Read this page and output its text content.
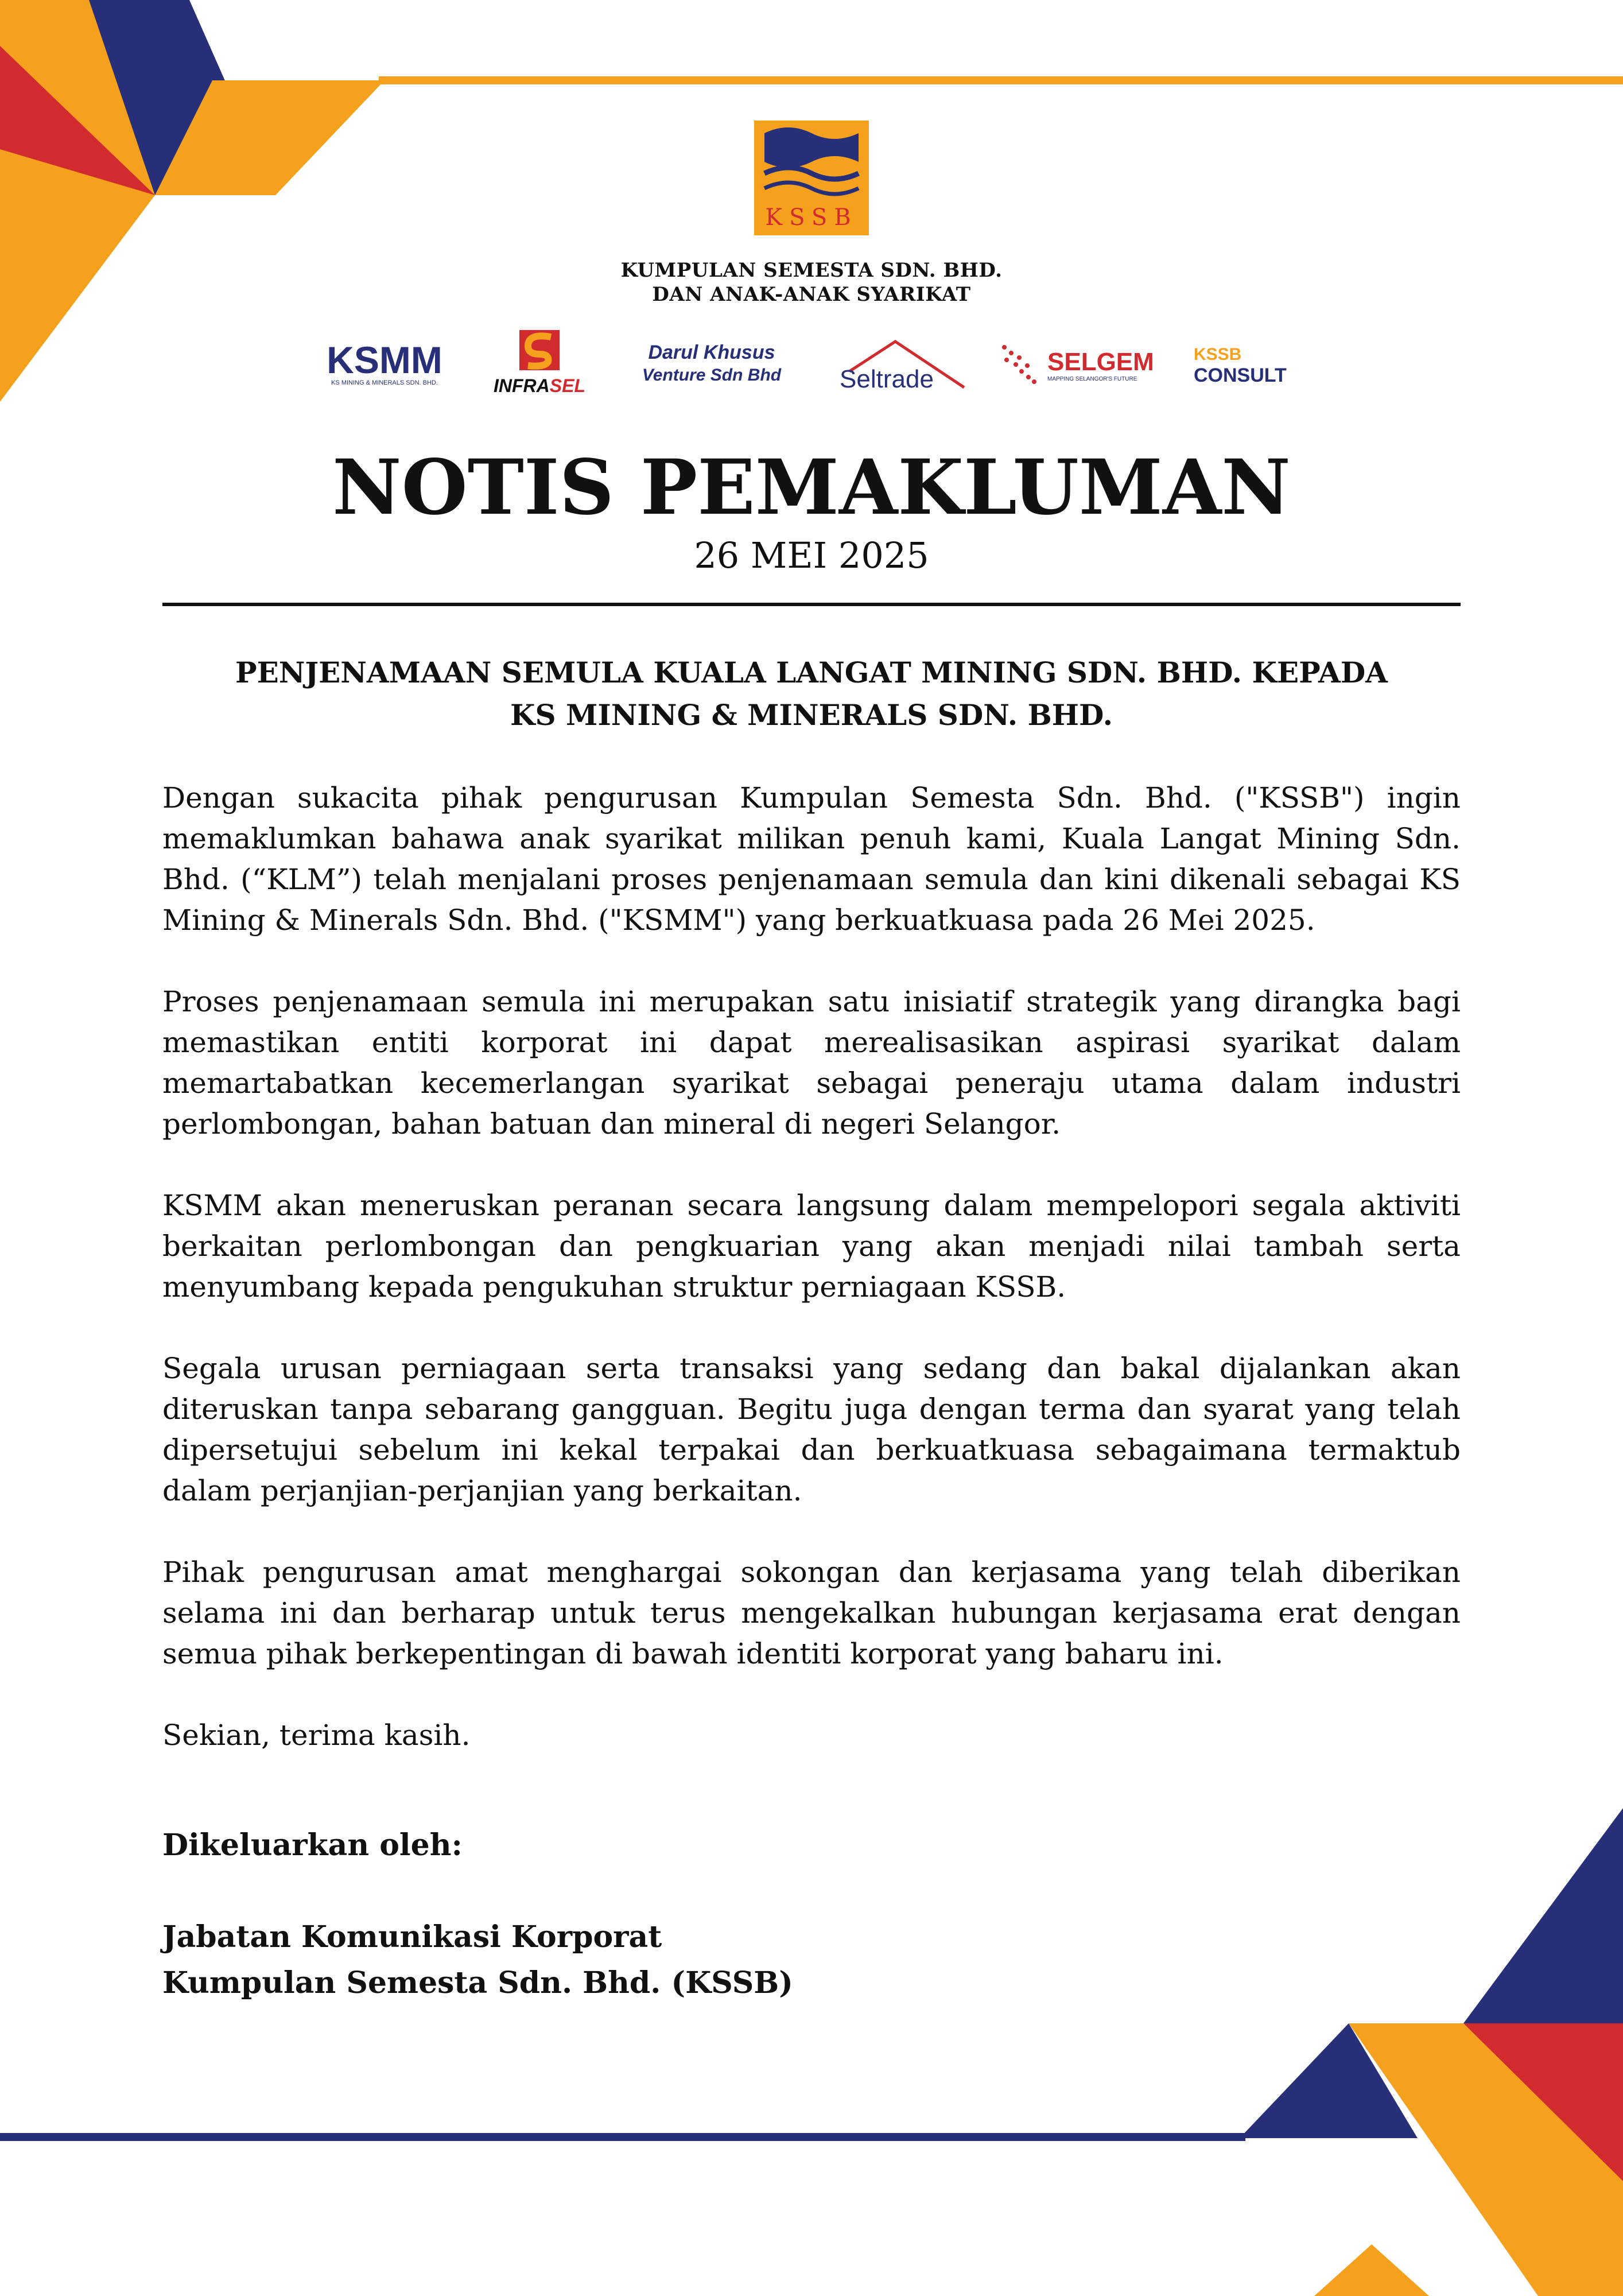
KSSB
KUMPULAN SEMESTA SDN. BHD.
DAN ANAK-ANAK SYARIKAT
KSMM
KS MINING & MINERALS SDN. BHD.	INFRASEL
Darul Khusus
Venture Sdn Bhd Seltrade
SELGEM
MAPPING SELANGOR'S FUTURE
KSSB
CONSULT
NOTIS PEMAKLUMAN
26 MEI 2025
PENJENAMAAN SEMULA KUALA LANGAT MINING SDN. BHD. KEPADA
KS MINING & MINERALS SDN. BHD.

Dengan sukacita pihak pengurusan Kumpulan Semesta Sdn. Bhd. ("KSSB") ingin memaklumkan bahawa anak syarikat milikan penuh kami, Kuala Langat Mining Sdn. Bhd. (“KLM”) telah menjalani proses penjenamaan semula dan kini dikenali sebagai KS Mining & Minerals Sdn. Bhd. ("KSMM") yang berkuatkuasa pada 26 Mei 2025.

Proses penjenamaan semula ini merupakan satu inisiatif strategik yang dirangka bagi memastikan entiti korporat ini dapat merealisasikan aspirasi syarikat dalam memartabatkan kecemerlangan syarikat sebagai peneraju utama dalam industri perlombongan, bahan batuan dan mineral di negeri Selangor.

KSMM akan meneruskan peranan secara langsung dalam mempelopori segala aktiviti berkaitan perlombongan dan pengkuarian yang akan menjadi nilai tambah serta menyumbang kepada pengukuhan struktur perniagaan KSSB.

Segala urusan perniagaan serta transaksi yang sedang dan bakal dijalankan akan diteruskan tanpa sebarang gangguan. Begitu juga dengan terma dan syarat yang telah dipersetujui sebelum ini kekal terpakai dan berkuatkuasa sebagaimana termaktub dalam perjanjian-perjanjian yang berkaitan.

Pihak pengurusan amat menghargai sokongan dan kerjasama yang telah diberikan selama ini dan berharap untuk terus mengekalkan hubungan kerjasama erat dengan semua pihak berkepentingan di bawah identiti korporat yang baharu ini.

Sekian, terima kasih.

Dikeluarkan oleh:
Jabatan Komunikasi Korporat
Kumpulan Semesta Sdn. Bhd. (KSSB)
